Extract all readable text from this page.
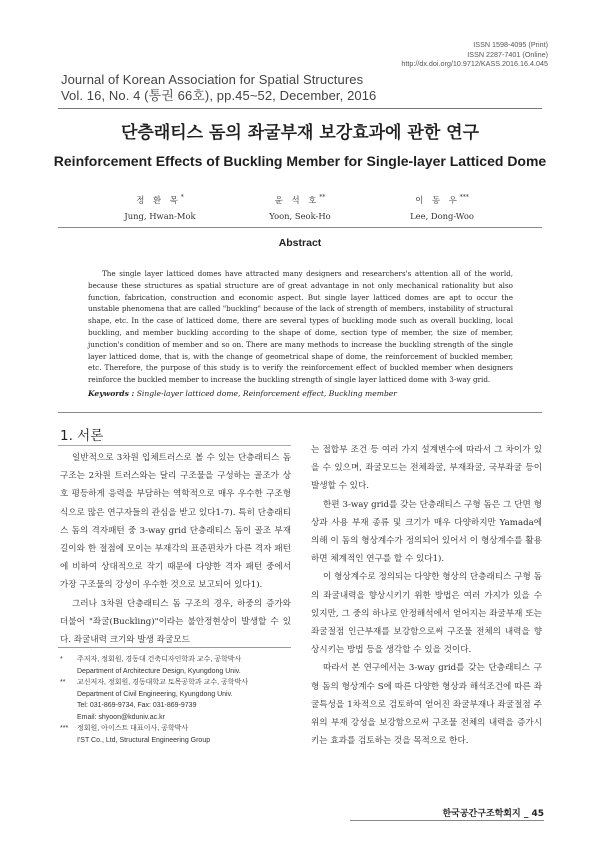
ISSN 1598-4095 (Print)
ISSN 2287-7401 (Online)
http://dx.doi.org/10.9712/KASS.2016.16.4.045
Journal of Korean Association for Spatial Structures
Vol. 16, No. 4 (통권 66호), pp.45~52, December, 2016
단층래티스 돔의 좌굴부재 보강효과에 관한 연구
Reinforcement Effects of Buckling Member for Single-layer Latticed Dome
정 환 목*
Jung, Hwan-Mok
윤 석 호**
Yoon, Seok-Ho
이 동 우***
Lee, Dong-Woo
Abstract
The single layer latticed domes have attracted many designers and researchers's attention all of the world, because these structures as spatial structure are of great advantage in not only mechanical rationality but also function, fabrication, construction and economic aspect. But single layer latticed domes are apt to occur the unstable phenomena that are called "buckling" because of the lack of strength of members, instability of structural shape, etc. In the case of latticed dome, there are several types of buckling mode such as overall buckling, local buckling, and member buckling according to the shape of dome, section type of member, the size of member, junction's condition of member and so on. There are many methods to increase the buckling strength of the single layer latticed dome, that is, with the change of geometrical shape of dome, the reinforcement of buckled member, etc. Therefore, the purpose of this study is to verify the reinforcement effect of buckled member when designers reinforce the buckled member to increase the buckling strength of single layer latticed dome with 3-way grid.
Keywords : Single-layer latticed dome, Reinforcement effect, Buckling member
1. 서론

일반적으로 3차원 입체트러스로 볼 수 있는 단층래티스 돔 구조는 2차원 트러스와는 달리 구조물을 구성하는 골조가 상호 평등하게 응력을 부담하는 역학적으로 매우 우수한 구조형식으로 많은 연구자들의 관심을 받고 있다1-7). 특히 단층래티스 돔의 격자패턴 중 3-way grid 단층래티스 돔이 골조 부재 길이와 한 절점에 모이는 부재각의 표준편차가 다른 격자 패턴에 비하여 상대적으로 작기 때문에 다양한 격자 패턴 중에서 가장 구조물의 강성이 우수한 것으로 보고되어 있다1).

그러나 3차원 단층래티스 돔 구조의 경우, 하중의 증가와 더불어 "좌굴(Buckling)"이라는 불안정현상이 발생할 수 있다. 좌굴내력 크기와 발생 좌굴모드

는 접합부 조건 등 여러 가지 설계변수에 따라서 그 차이가 있을 수 있으며, 좌굴모드는 전체좌굴, 부재좌굴, 국부좌굴 등이 발생할 수 있다.

한편 3-way grid를 갖는 단층래티스 구형 돔은 그 단면 형상과 사용 부재 종류 및 크기가 매우 다양하지만 Yamada에 의해 이 돔의 형상계수가 정의되어 있어서 이 형상계수를 활용하면 체계적인 연구를 할 수 있다1).

이 형상계수로 정의되는 다양한 형상의 단층래티스 구형 돔의 좌굴내력을 향상시키기 위한 방법은 여러 가지가 있을 수 있지만, 그 중의 하나로 안정해석에서 얻어지는 좌굴부재 또는 좌굴절점 인근부재를 보강함으로써 구조물 전체의 내력을 향상시키는 방법 등을 생각할 수 있을 것이다.

따라서 본 연구에서는 3-way grid를 갖는 단층래티스 구형 돔의 형상계수 S에 따른 다양한 형상과 해석조건에 따른 좌굴특성을 1차적으로 검토하여 얻어진 좌굴부재나 좌굴절점 주위의 부재 강성을 보강함으로써 구조물 전체의 내력을 증가시키는 효과를 검토하는 것을 목적으로 한다.

*	주저자, 정회원, 경동대 건축디자인학과 교수, 공학박사
Department of Architecture Design, Kyungdong Univ.
**	교신저자, 정회원, 경동대학교 토목공학과 교수, 공학박사
Department of Civil Engineering, Kyungdong Univ.
Tel: 031-869-9734, Fax: 031-869-9739
Email: shyoon@kduniv.ac.kr
***	정회원, 아이스트 대표이사, 공학박사
I'ST Co., Ltd, Structural Engineering Group
한국공간구조학회지 _ 45
